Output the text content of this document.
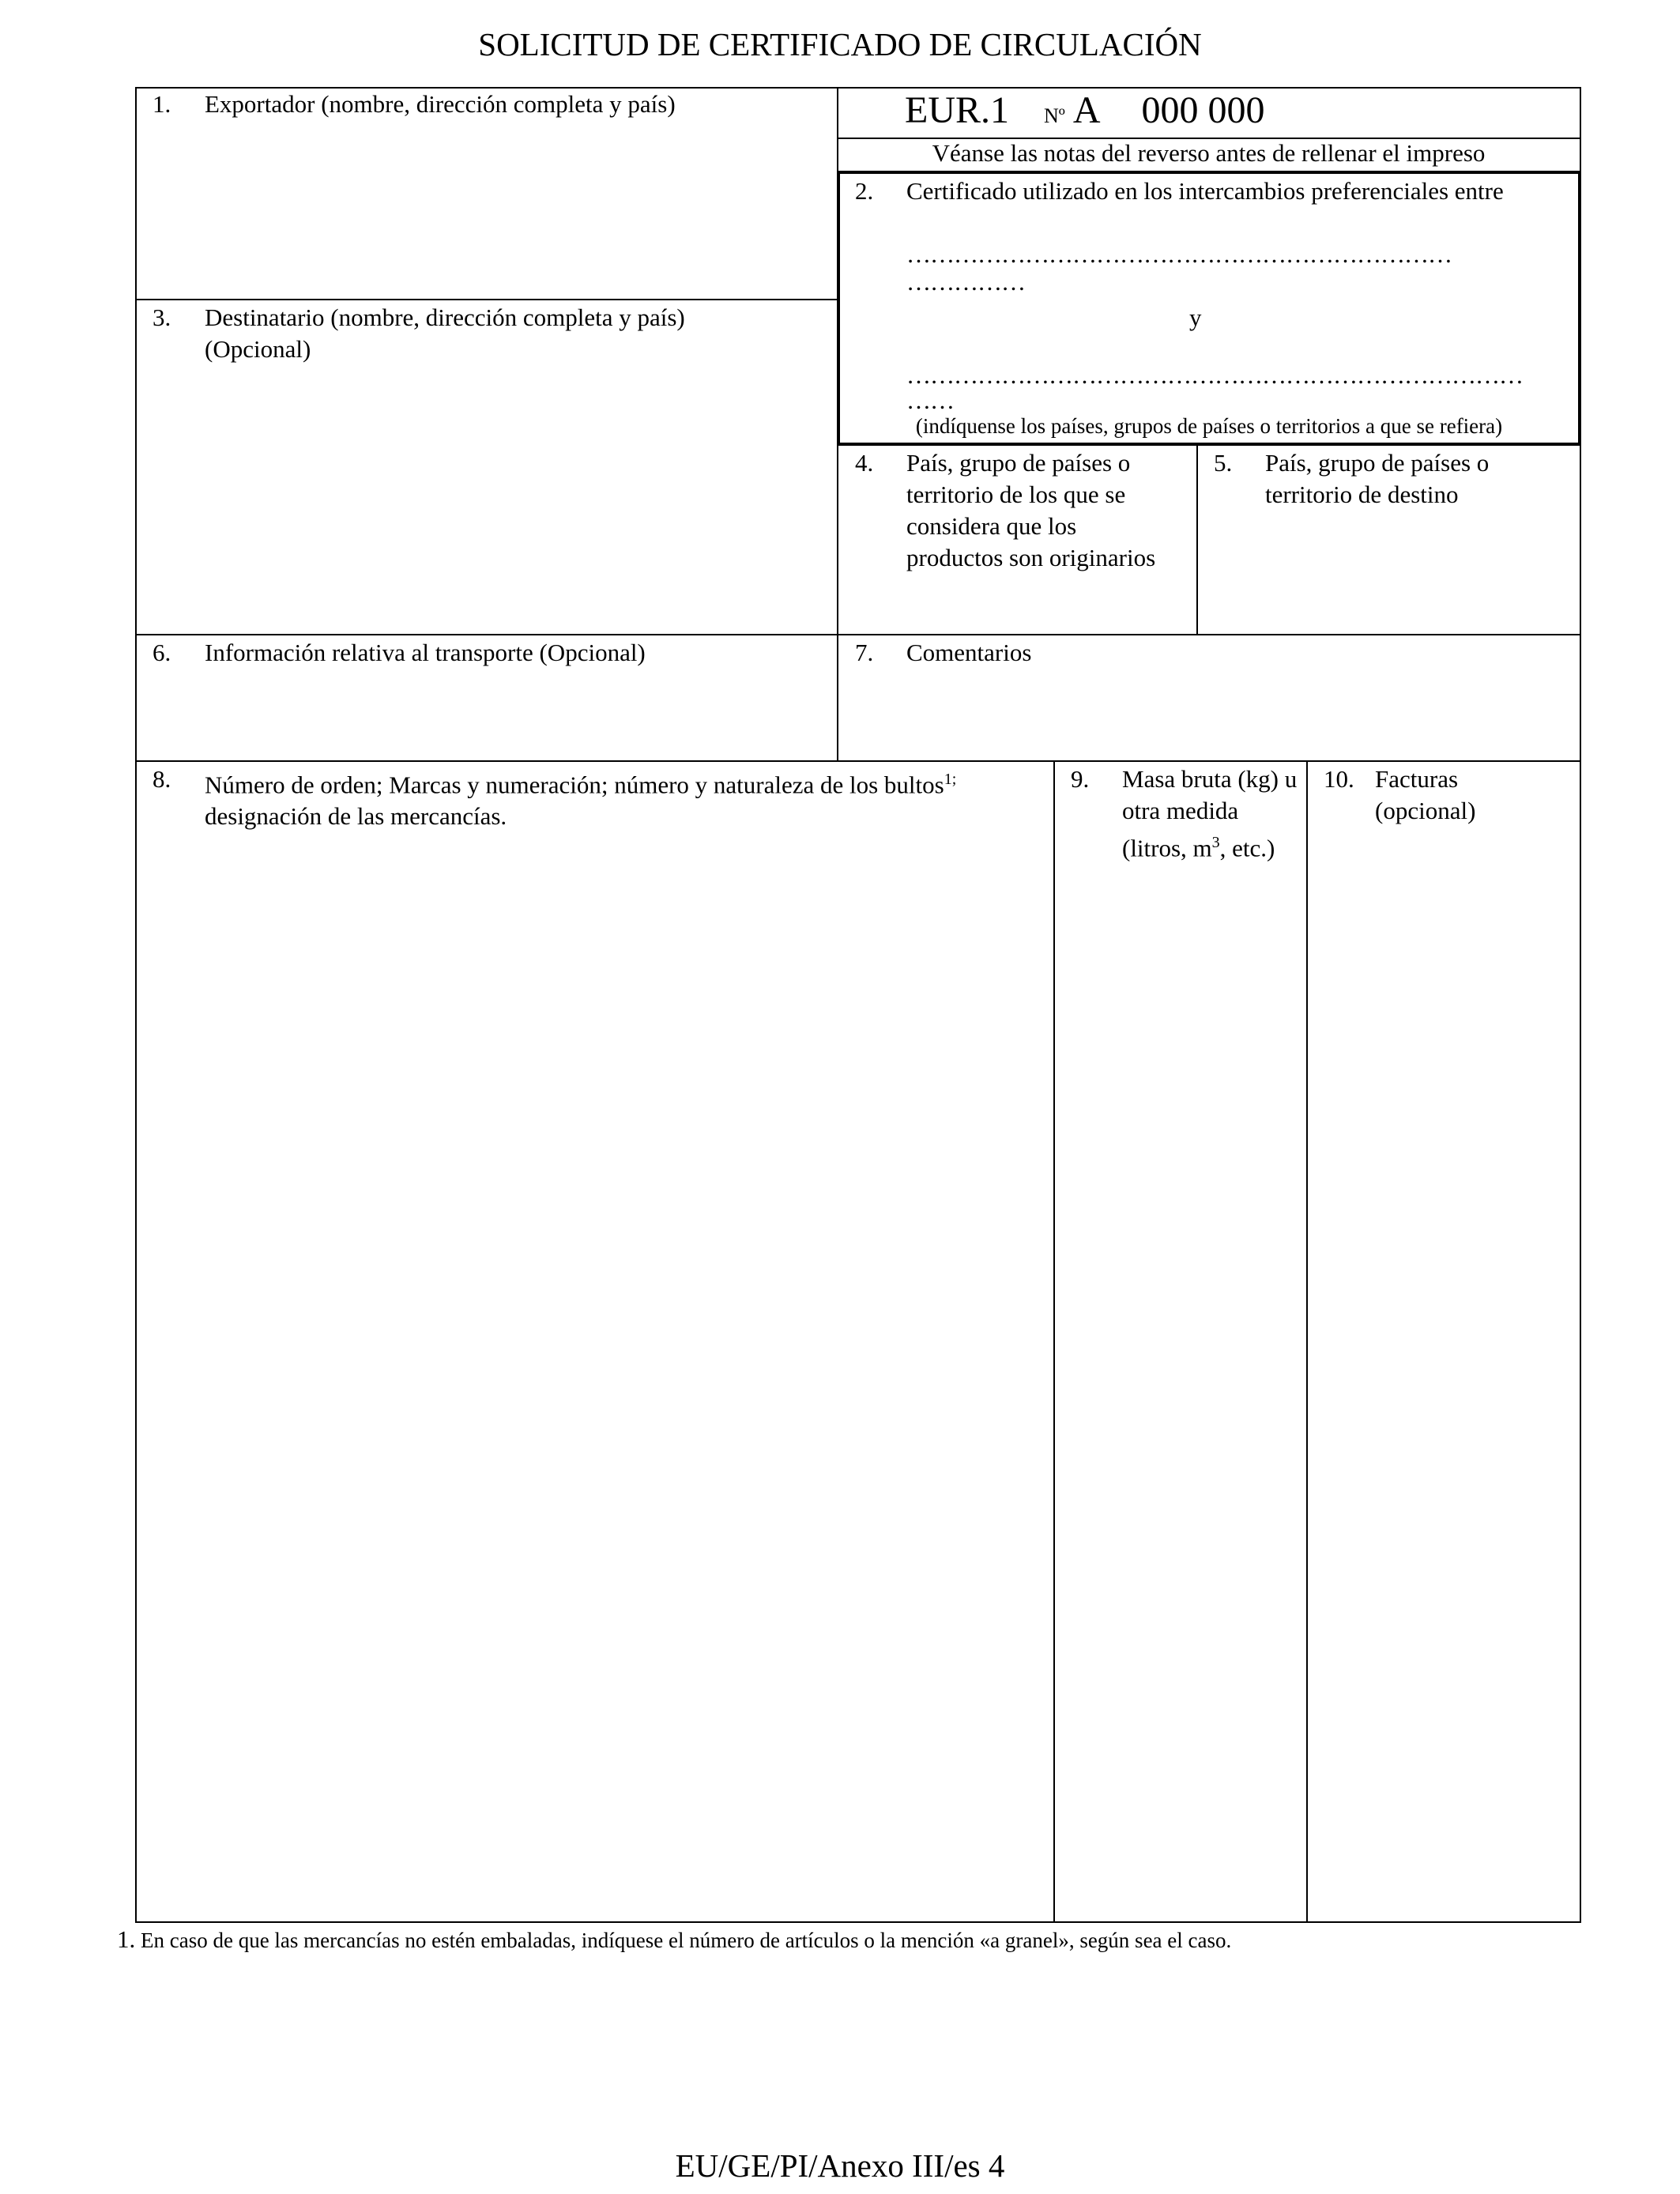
SOLICITUD DE CERTIFICADO DE CIRCULACIÓN
EUR.1 Nº A 000 000
Véanse las notas del reverso antes de rellenar el impreso
1. Exportador (nombre, dirección completa y país)
2. Certificado utilizado en los intercambios preferenciales entre
……………………………………………………………
……………
y
……………………………………………………………………
……
(indíquense los países, grupos de países o territorios a que se refiera)
3. Destinatario (nombre, dirección completa y país)
(Opcional)
4. País, grupo de países o territorio de los que se considera que los productos son originarios
5. País, grupo de países o territorio de destino
6. Información relativa al transporte (Opcional)	7. Comentarios
8. Número de orden; Marcas y numeración; número y naturaleza de los bultos$^{1;}$
designación de las mercancías.
9. Masa bruta (kg) u otra medida (litros, $m^3$, etc.)
10. Facturas (opcional)
1. En caso de que las mercancías no estén embaladas, indíquese el número de artículos o la mención «a granel», según sea el caso.
EU/GE/PI/Anexo III/es 4
